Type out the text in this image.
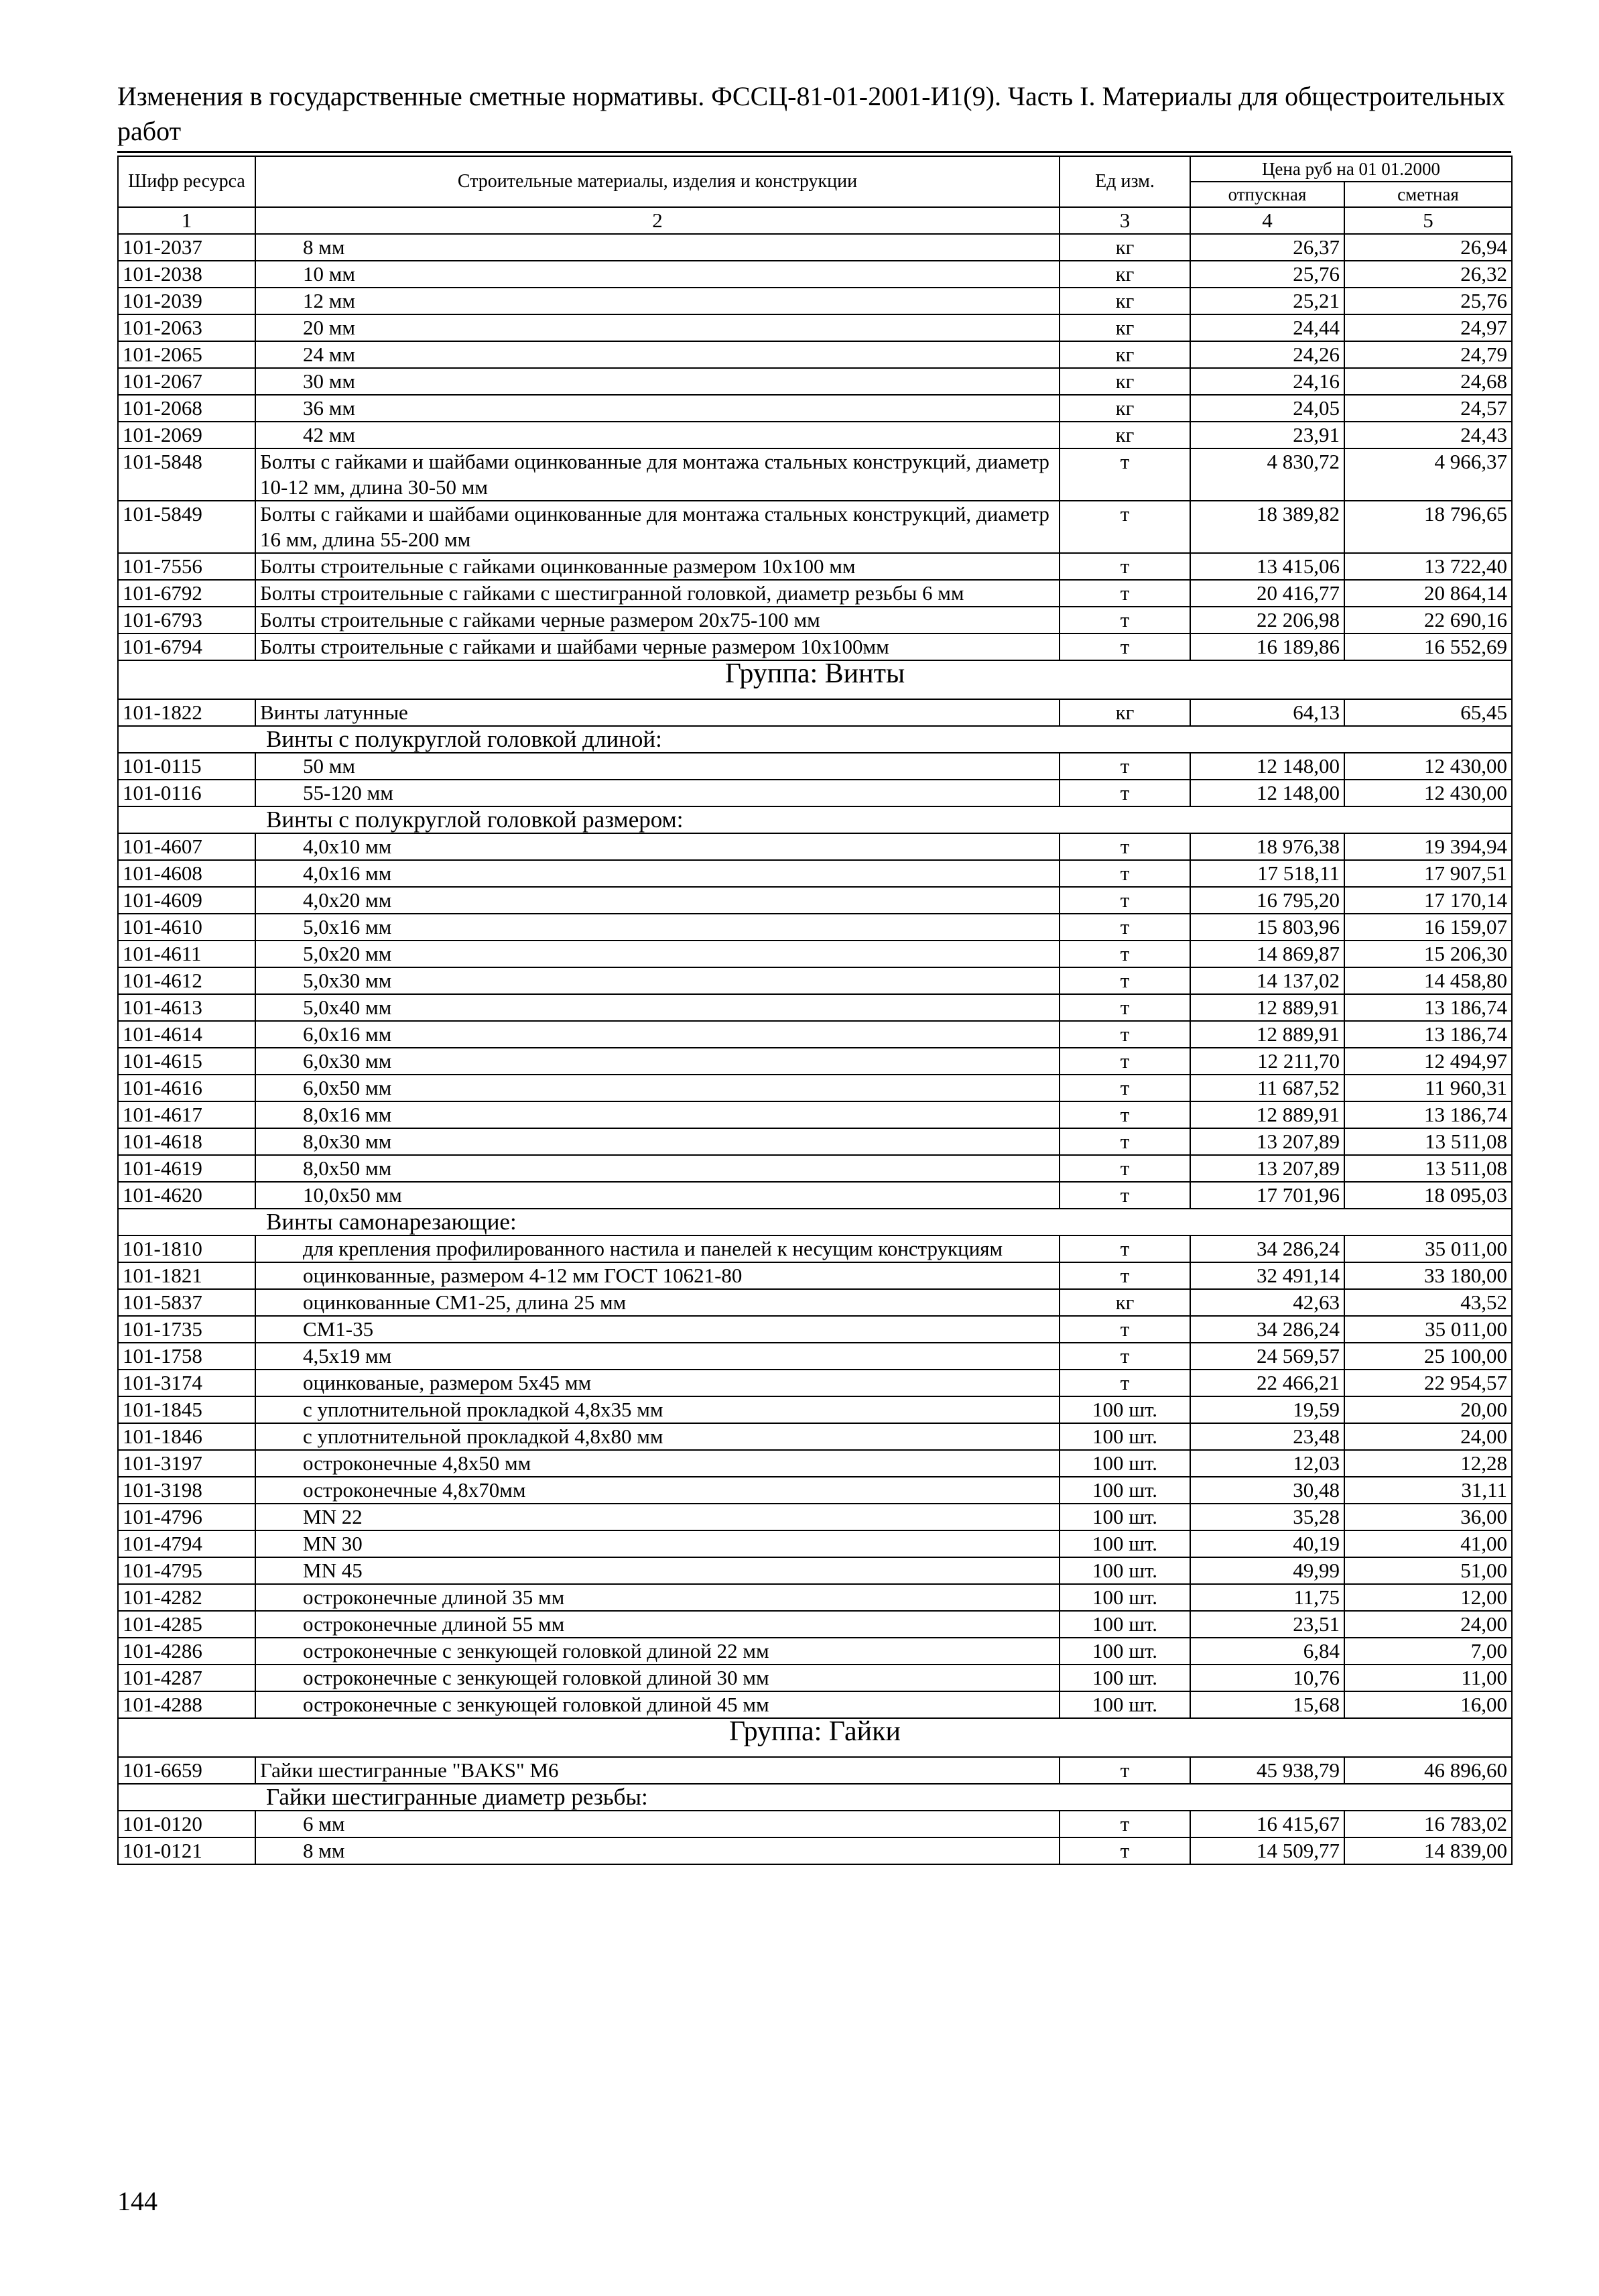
Изменения в государственные сметные нормативы. ФССЦ-81-01-2001-И1(9). Часть I. Материалы для общестроительных работ
Шифр ресурса	Строительные материалы, изделия и конструкции	Ед изм.	Цена руб на 01 01.2000	
			отпускная	сметная
1	2	3	4	5
101-2037	8 мм	кг	26,37	26,94
101-2038	10 мм	кг	25,76	26,32
101-2039	12 мм	кг	25,21	25,76
101-2063	20 мм	кг	24,44	24,97
101-2065	24 мм	кг	24,26	24,79
101-2067	30 мм	кг	24,16	24,68
101-2068	36 мм	кг	24,05	24,57
101-2069	42 мм	кг	23,91	24,43
101-5848	Болты с гайками и шайбами оцинкованные для монтажа стальных конструкций, диаметр 10-12 мм, длина 30-50 мм	т	4 830,72	4 966,37
101-5849	Болты с гайками и шайбами оцинкованные для монтажа стальных конструкций, диаметр 16 мм, длина 55-200 мм	т	18 389,82	18 796,65
101-7556	Болты строительные с гайками оцинкованные размером 10х100 мм	т	13 415,06	13 722,40
101-6792	Болты строительные с гайками с шестигранной головкой, диаметр резьбы 6 мм	т	20 416,77	20 864,14
101-6793	Болты строительные с гайками черные размером 20х75-100 мм	т	22 206,98	22 690,16
101-6794	Болты строительные с гайками и шайбами черные размером 10х100мм	т	16 189,86	16 552,69
Группа: Винты				
101-1822	Винты латунные	кг	64,13	65,45
Винты с полукруглой головкой длиной:				
101-0115	50 мм	т	12 148,00	12 430,00
101-0116	55-120 мм	т	12 148,00	12 430,00
Винты с полукруглой головкой размером:				
101-4607	4,0х10 мм	т	18 976,38	19 394,94
101-4608	4,0х16 мм	т	17 518,11	17 907,51
101-4609	4,0х20 мм	т	16 795,20	17 170,14
101-4610	5,0х16 мм	т	15 803,96	16 159,07
101-4611	5,0х20 мм	т	14 869,87	15 206,30
101-4612	5,0х30 мм	т	14 137,02	14 458,80
101-4613	5,0х40 мм	т	12 889,91	13 186,74
101-4614	6,0х16 мм	т	12 889,91	13 186,74
101-4615	6,0х30 мм	т	12 211,70	12 494,97
101-4616	6,0х50 мм	т	11 687,52	11 960,31
101-4617	8,0х16 мм	т	12 889,91	13 186,74
101-4618	8,0х30 мм	т	13 207,89	13 511,08
101-4619	8,0х50 мм	т	13 207,89	13 511,08
101-4620	10,0х50 мм	т	17 701,96	18 095,03
Винты самонарезающие:				
101-1810	для крепления профилированного настила и панелей к несущим конструкциям	т	34 286,24	35 011,00
101-1821	оцинкованные, размером 4-12 мм ГОСТ 10621-80	т	32 491,14	33 180,00
101-5837	оцинкованные СМ1-25, длина 25 мм	кг	42,63	43,52
101-1735	СМ1-35	т	34 286,24	35 011,00
101-1758	4,5х19 мм	т	24 569,57	25 100,00
101-3174	оцинкованые, размером 5х45 мм	т	22 466,21	22 954,57
101-1845	с уплотнительной прокладкой 4,8х35 мм	100 шт.	19,59	20,00
101-1846	с уплотнительной прокладкой 4,8х80 мм	100 шт.	23,48	24,00
101-3197	остроконечные 4,8х50 мм	100 шт.	12,03	12,28
101-3198	остроконечные 4,8х70мм	100 шт.	30,48	31,11
101-4796	MN 22	100 шт.	35,28	36,00
101-4794	MN 30	100 шт.	40,19	41,00
101-4795	MN 45	100 шт.	49,99	51,00
101-4282	остроконечные длиной 35 мм	100 шт.	11,75	12,00
101-4285	остроконечные длиной 55 мм	100 шт.	23,51	24,00
101-4286	остроконечные с зенкующей головкой длиной 22 мм	100 шт.	6,84	7,00
101-4287	остроконечные с зенкующей головкой длиной 30 мм	100 шт.	10,76	11,00
101-4288	остроконечные с зенкующей головкой длиной 45 мм	100 шт.	15,68	16,00
Группа: Гайки				
101-6659	Гайки шестигранные "BAKS" М6	т	45 938,79	46 896,60
Гайки шестигранные диаметр резьбы:				
101-0120	6 мм	т	16 415,67	16 783,02
101-0121	8 мм	т	14 509,77	14 839,00
144
